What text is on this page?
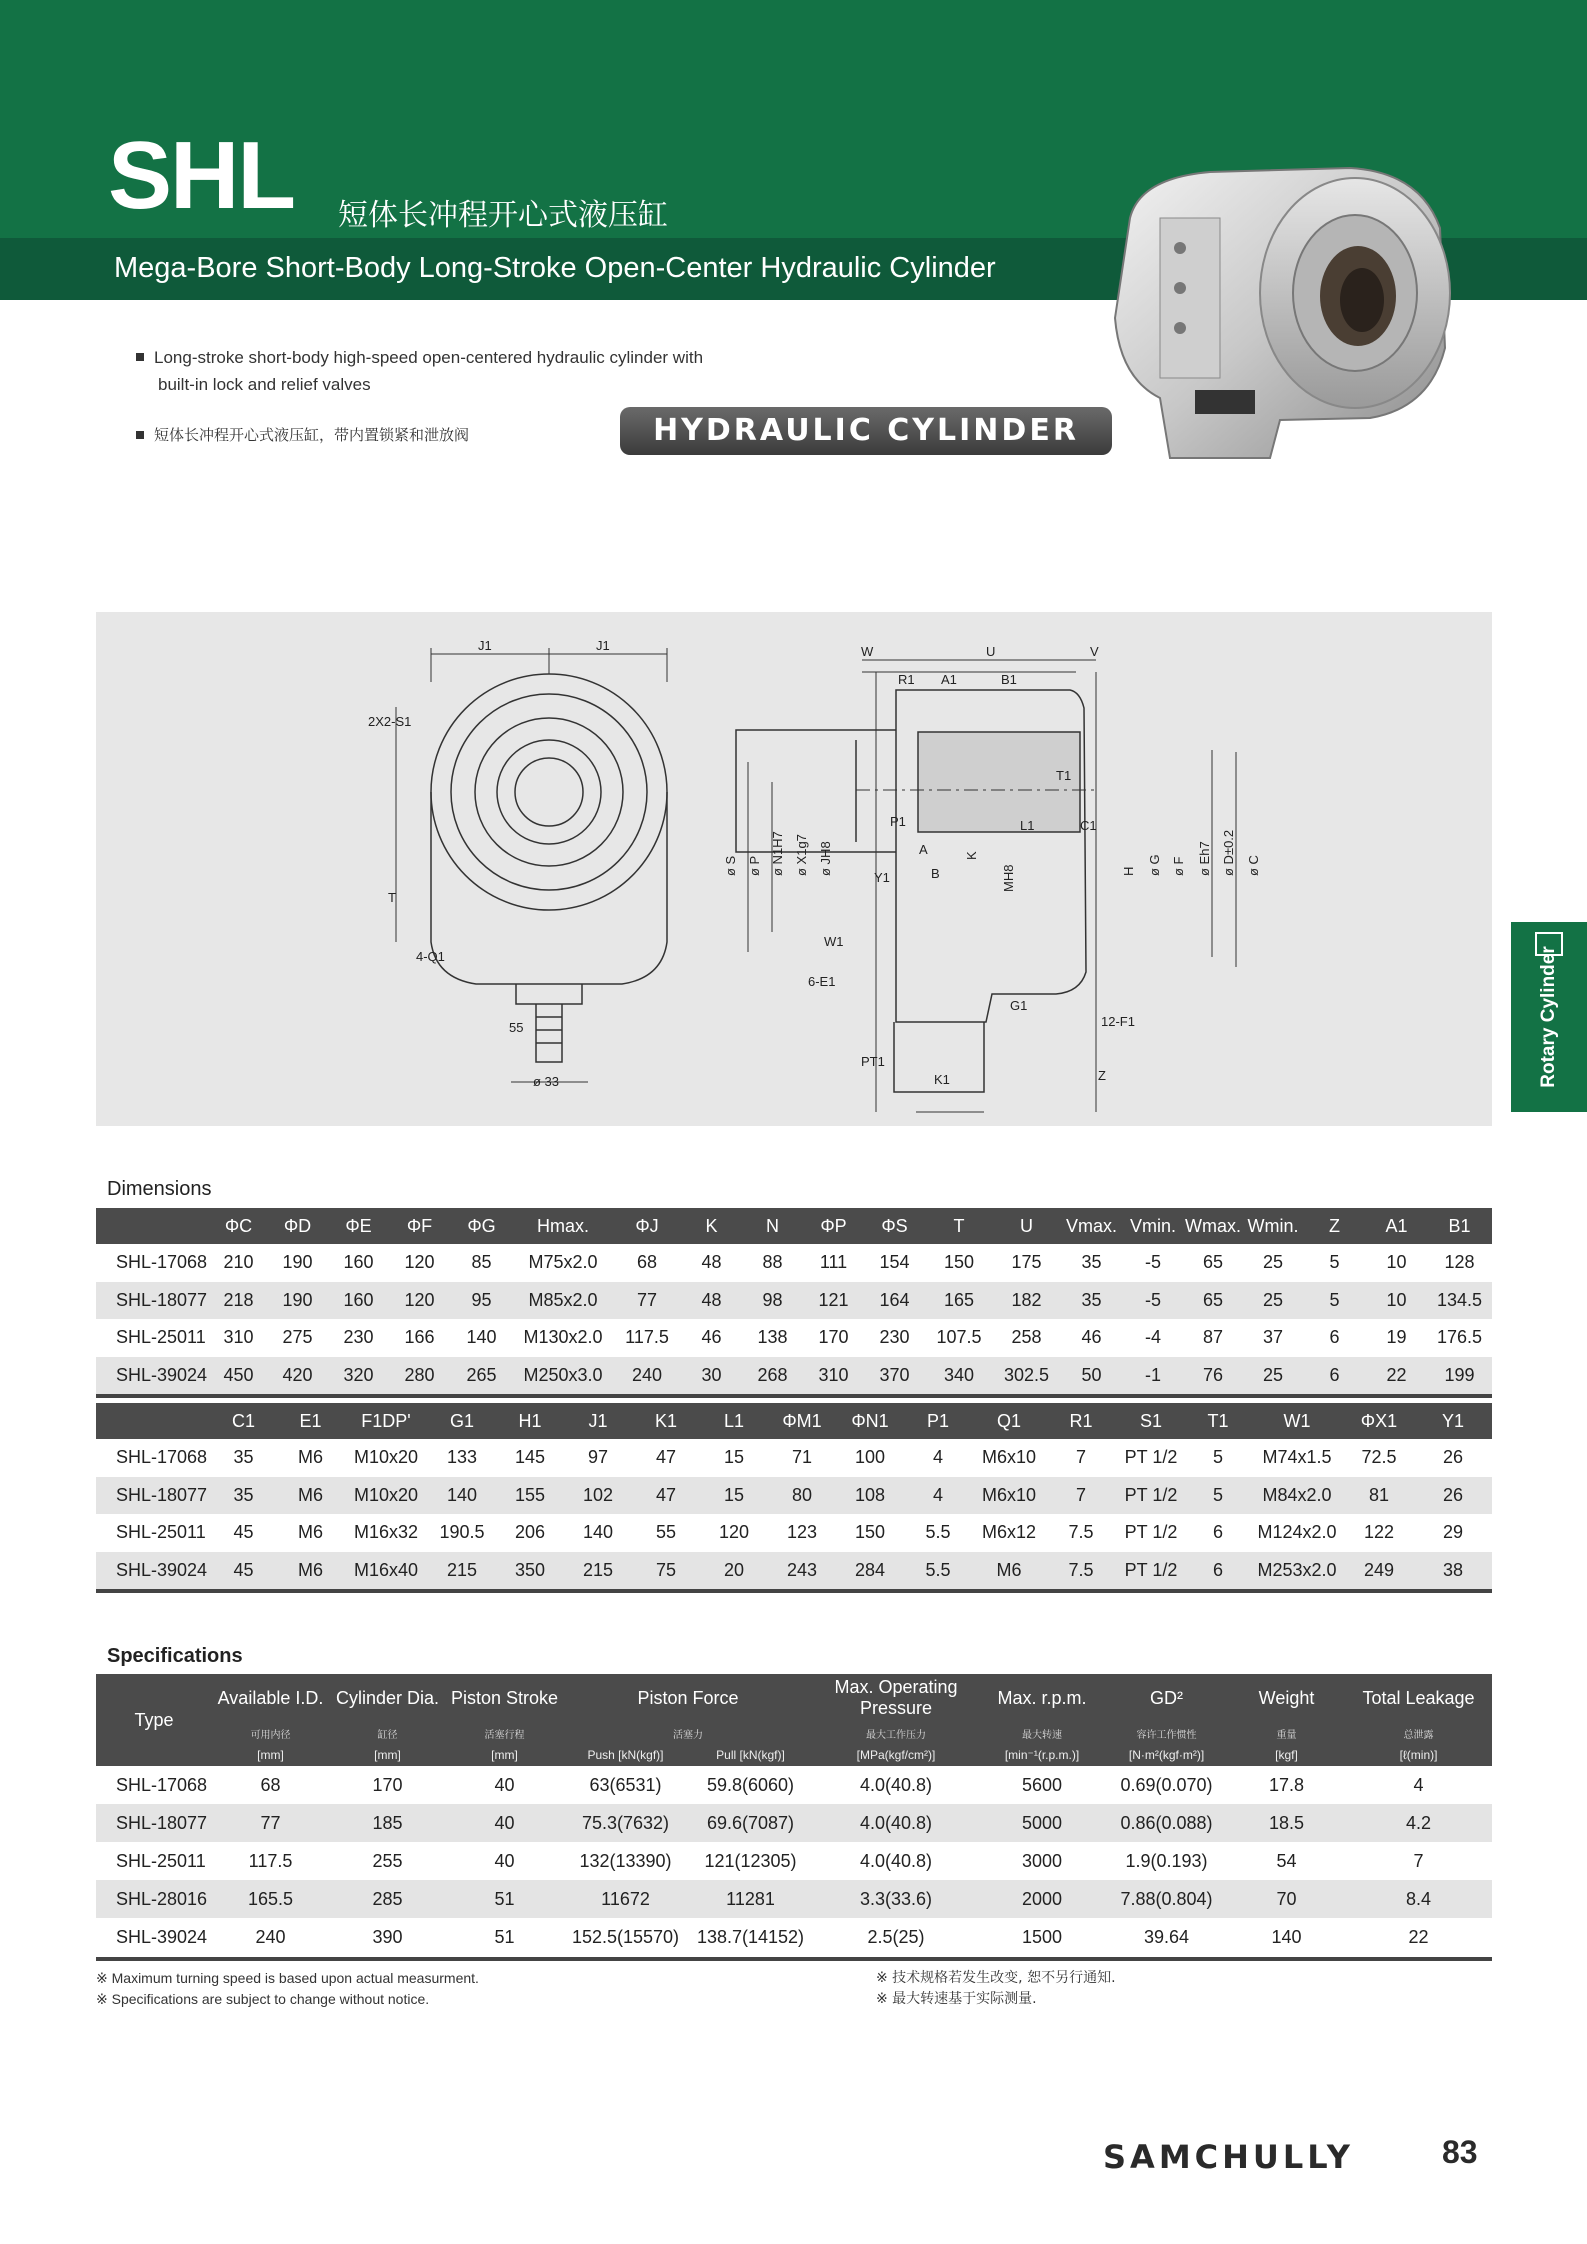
SHL 短体长冲程开心式液压缸
Mega-Bore Short-Body Long-Stroke Open-Center Hydraulic Cylinder
Long-stroke short-body high-speed open-centered hydraulic cylinder with
built-in lock and relief valves
短体长冲程开心式液压缸，带内置锁紧和泄放阀	HYDRAULIC CYLINDER
J1	J1
2X2-S1
T
4-Q1
55
ø 33
W	U	V
R1 A1	B1
T1
C1
L1
P1
ø S ø P ø N1H7 ø X1g7 ø JH8
Y1
A
B
K
MH8	H ø G ø F ø Eh7 ø D±0.2 ø C
W1
6-E1
G1
12-F1
PT1
K1	Z	Rotary Cylinder
Dimensions
	ΦC	ΦD	ΦE	ΦF	ΦG	Hmax.	ΦJ	K	N	ΦP	ΦS	T	U	Vmax.	Vmin.	Wmax.	Wmin.	Z	A1	B1
SHL-17068	210	190	160	120	85	M75x2.0	68	48	88	111	154	150	175	35	-5	65	25	5	10	128
SHL-18077	218	190	160	120	95	M85x2.0	77	48	98	121	164	165	182	35	-5	65	25	5	10	134.5
SHL-25011	310	275	230	166	140	M130x2.0	117.5	46	138	170	230	107.5	258	46	-4	87	37	6	19	176.5
SHL-39024	450	420	320	280	265	M250x3.0	240	30	268	310	370	340	302.5	50	-1	76	25	6	22	199
	C1	E1	F1DP'	G1	H1	J1	K1	L1	ΦM1	ΦN1	P1	Q1	R1	S1	T1	W1	ΦX1	Y1
SHL-17068	35	M6	M10x20	133	145	97	47	15	71	100	4	M6x10	7	PT 1/2	5	M74x1.5	72.5	26
SHL-18077	35	M6	M10x20	140	155	102	47	15	80	108	4	M6x10	7	PT 1/2	5	M84x2.0	81	26
SHL-25011	45	M6	M16x32	190.5	206	140	55	120	123	150	5.5	M6x12	7.5	PT 1/2	6	M124x2.0	122	29
SHL-39024	45	M6	M16x40	215	350	215	75	20	243	284	5.5	M6	7.5	PT 1/2	6	M253x2.0	249	38
Specifications
Type	Available I.D.	Cylinder Dia.	Piston Stroke	Piston Force		Max. Operating Pressure	Max. r.p.m.	GD²	Weight	Total Leakage
	可用内径	缸径	活塞行程	活塞力		最大工作压力	最大转速	容许工作惯性	重量	总泄露
	[mm]	[mm]	[mm]	Push [kN(kgf)]	Pull [kN(kgf)]	[MPa(kgf/cm²)]	[min⁻¹(r.p.m.)]	[N·m²(kgf·m²)]	[kgf]	[ℓ(min)]
SHL-17068	68	170	40	63(6531)	59.8(6060)	4.0(40.8)	5600	0.69(0.070)	17.8	4
SHL-18077	77	185	40	75.3(7632)	69.6(7087)	4.0(40.8)	5000	0.86(0.088)	18.5	4.2
SHL-25011	117.5	255	40	132(13390)	121(12305)	4.0(40.8)	3000	1.9(0.193)	54	7
SHL-28016	165.5	285	51	11672	11281	3.3(33.6)	2000	7.88(0.804)	70	8.4
SHL-39024	240	390	51	152.5(15570)	138.7(14152)	2.5(25)	1500	39.64	140	22
※ Maximum turning speed is based upon actual measurment.
※ Specifications are subject to change without notice.
※ 技术规格若发生改变, 恕不另行通知.
※ 最大转速基于实际测量.
SAMCHULLY	83
